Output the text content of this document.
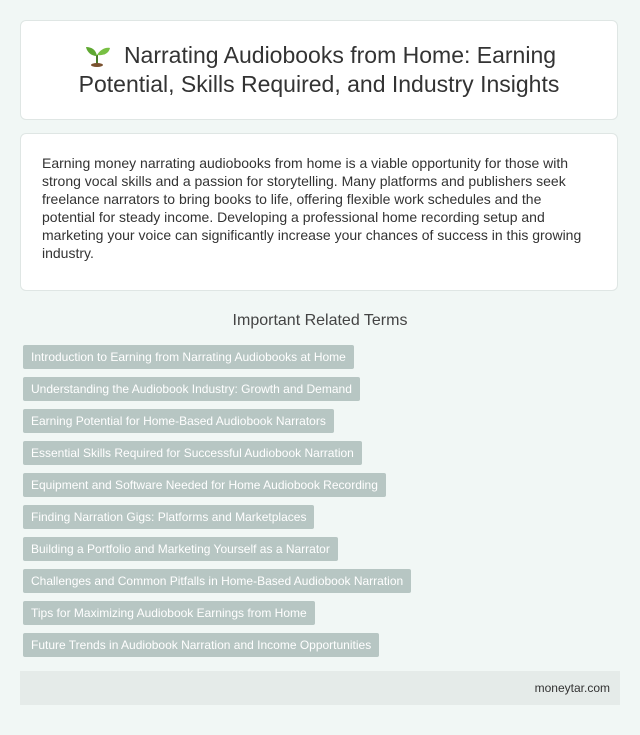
Narrating Audiobooks from Home: Earning Potential, Skills Required, and Industry Insights

Earning money narrating audiobooks from home is a viable opportunity for those with strong vocal skills and a passion for storytelling. Many platforms and publishers seek freelance narrators to bring books to life, offering flexible work schedules and the potential for steady income. Developing a professional home recording setup and marketing your voice can significantly increase your chances of success in this growing industry.

Important Related Terms
Introduction to Earning from Narrating Audiobooks at Home
Understanding the Audiobook Industry: Growth and Demand
Earning Potential for Home-Based Audiobook Narrators
Essential Skills Required for Successful Audiobook Narration
Equipment and Software Needed for Home Audiobook Recording
Finding Narration Gigs: Platforms and Marketplaces
Building a Portfolio and Marketing Yourself as a Narrator
Challenges and Common Pitfalls in Home-Based Audiobook Narration
Tips for Maximizing Audiobook Earnings from Home
Future Trends in Audiobook Narration and Income Opportunities
moneytar.com
